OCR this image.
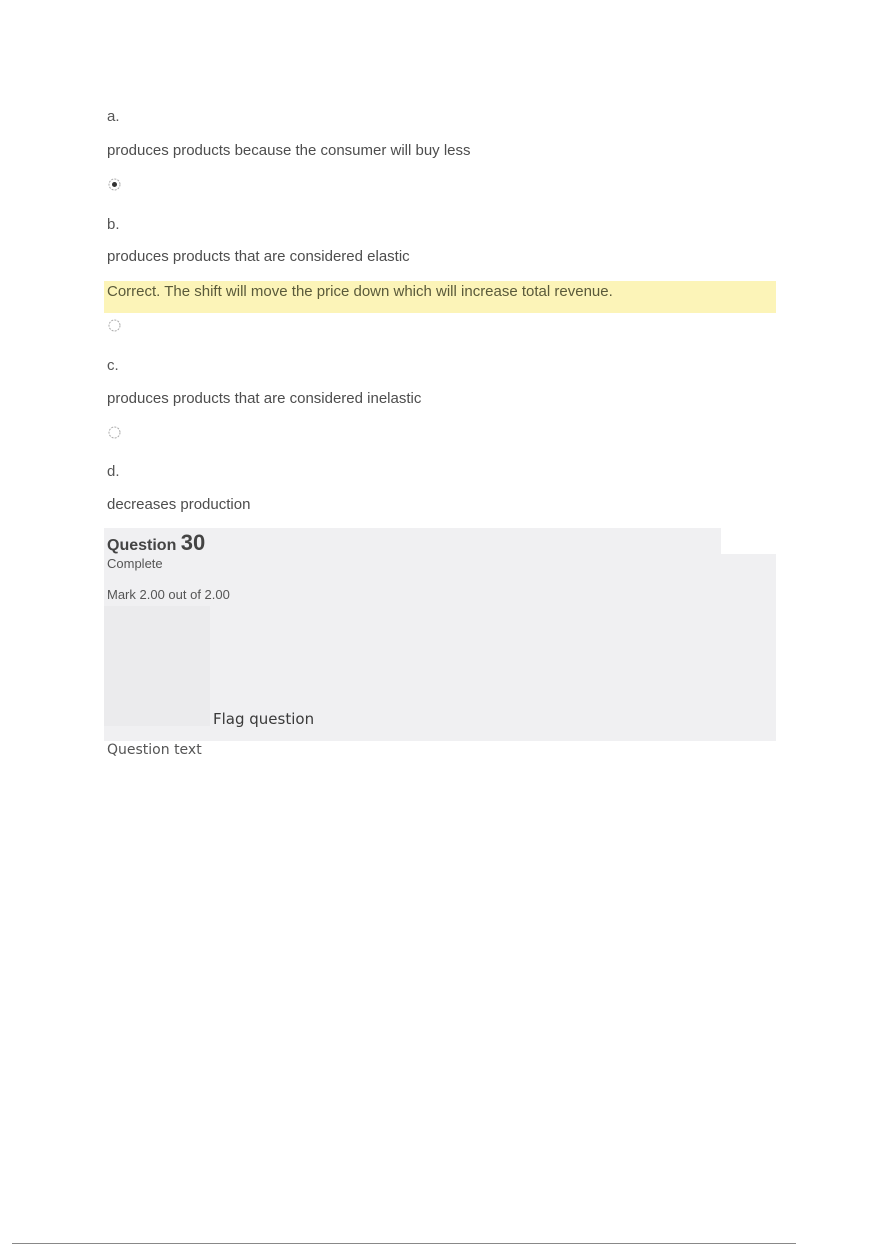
a.
produces products because the consumer will buy less
b.
produces products that are considered elastic
Correct. The shift will move the price down which will increase total revenue.
c.
produces products that are considered inelastic
d.
decreases production
Question 30
Complete
Mark 2.00 out of 2.00
Flag question
Question text
